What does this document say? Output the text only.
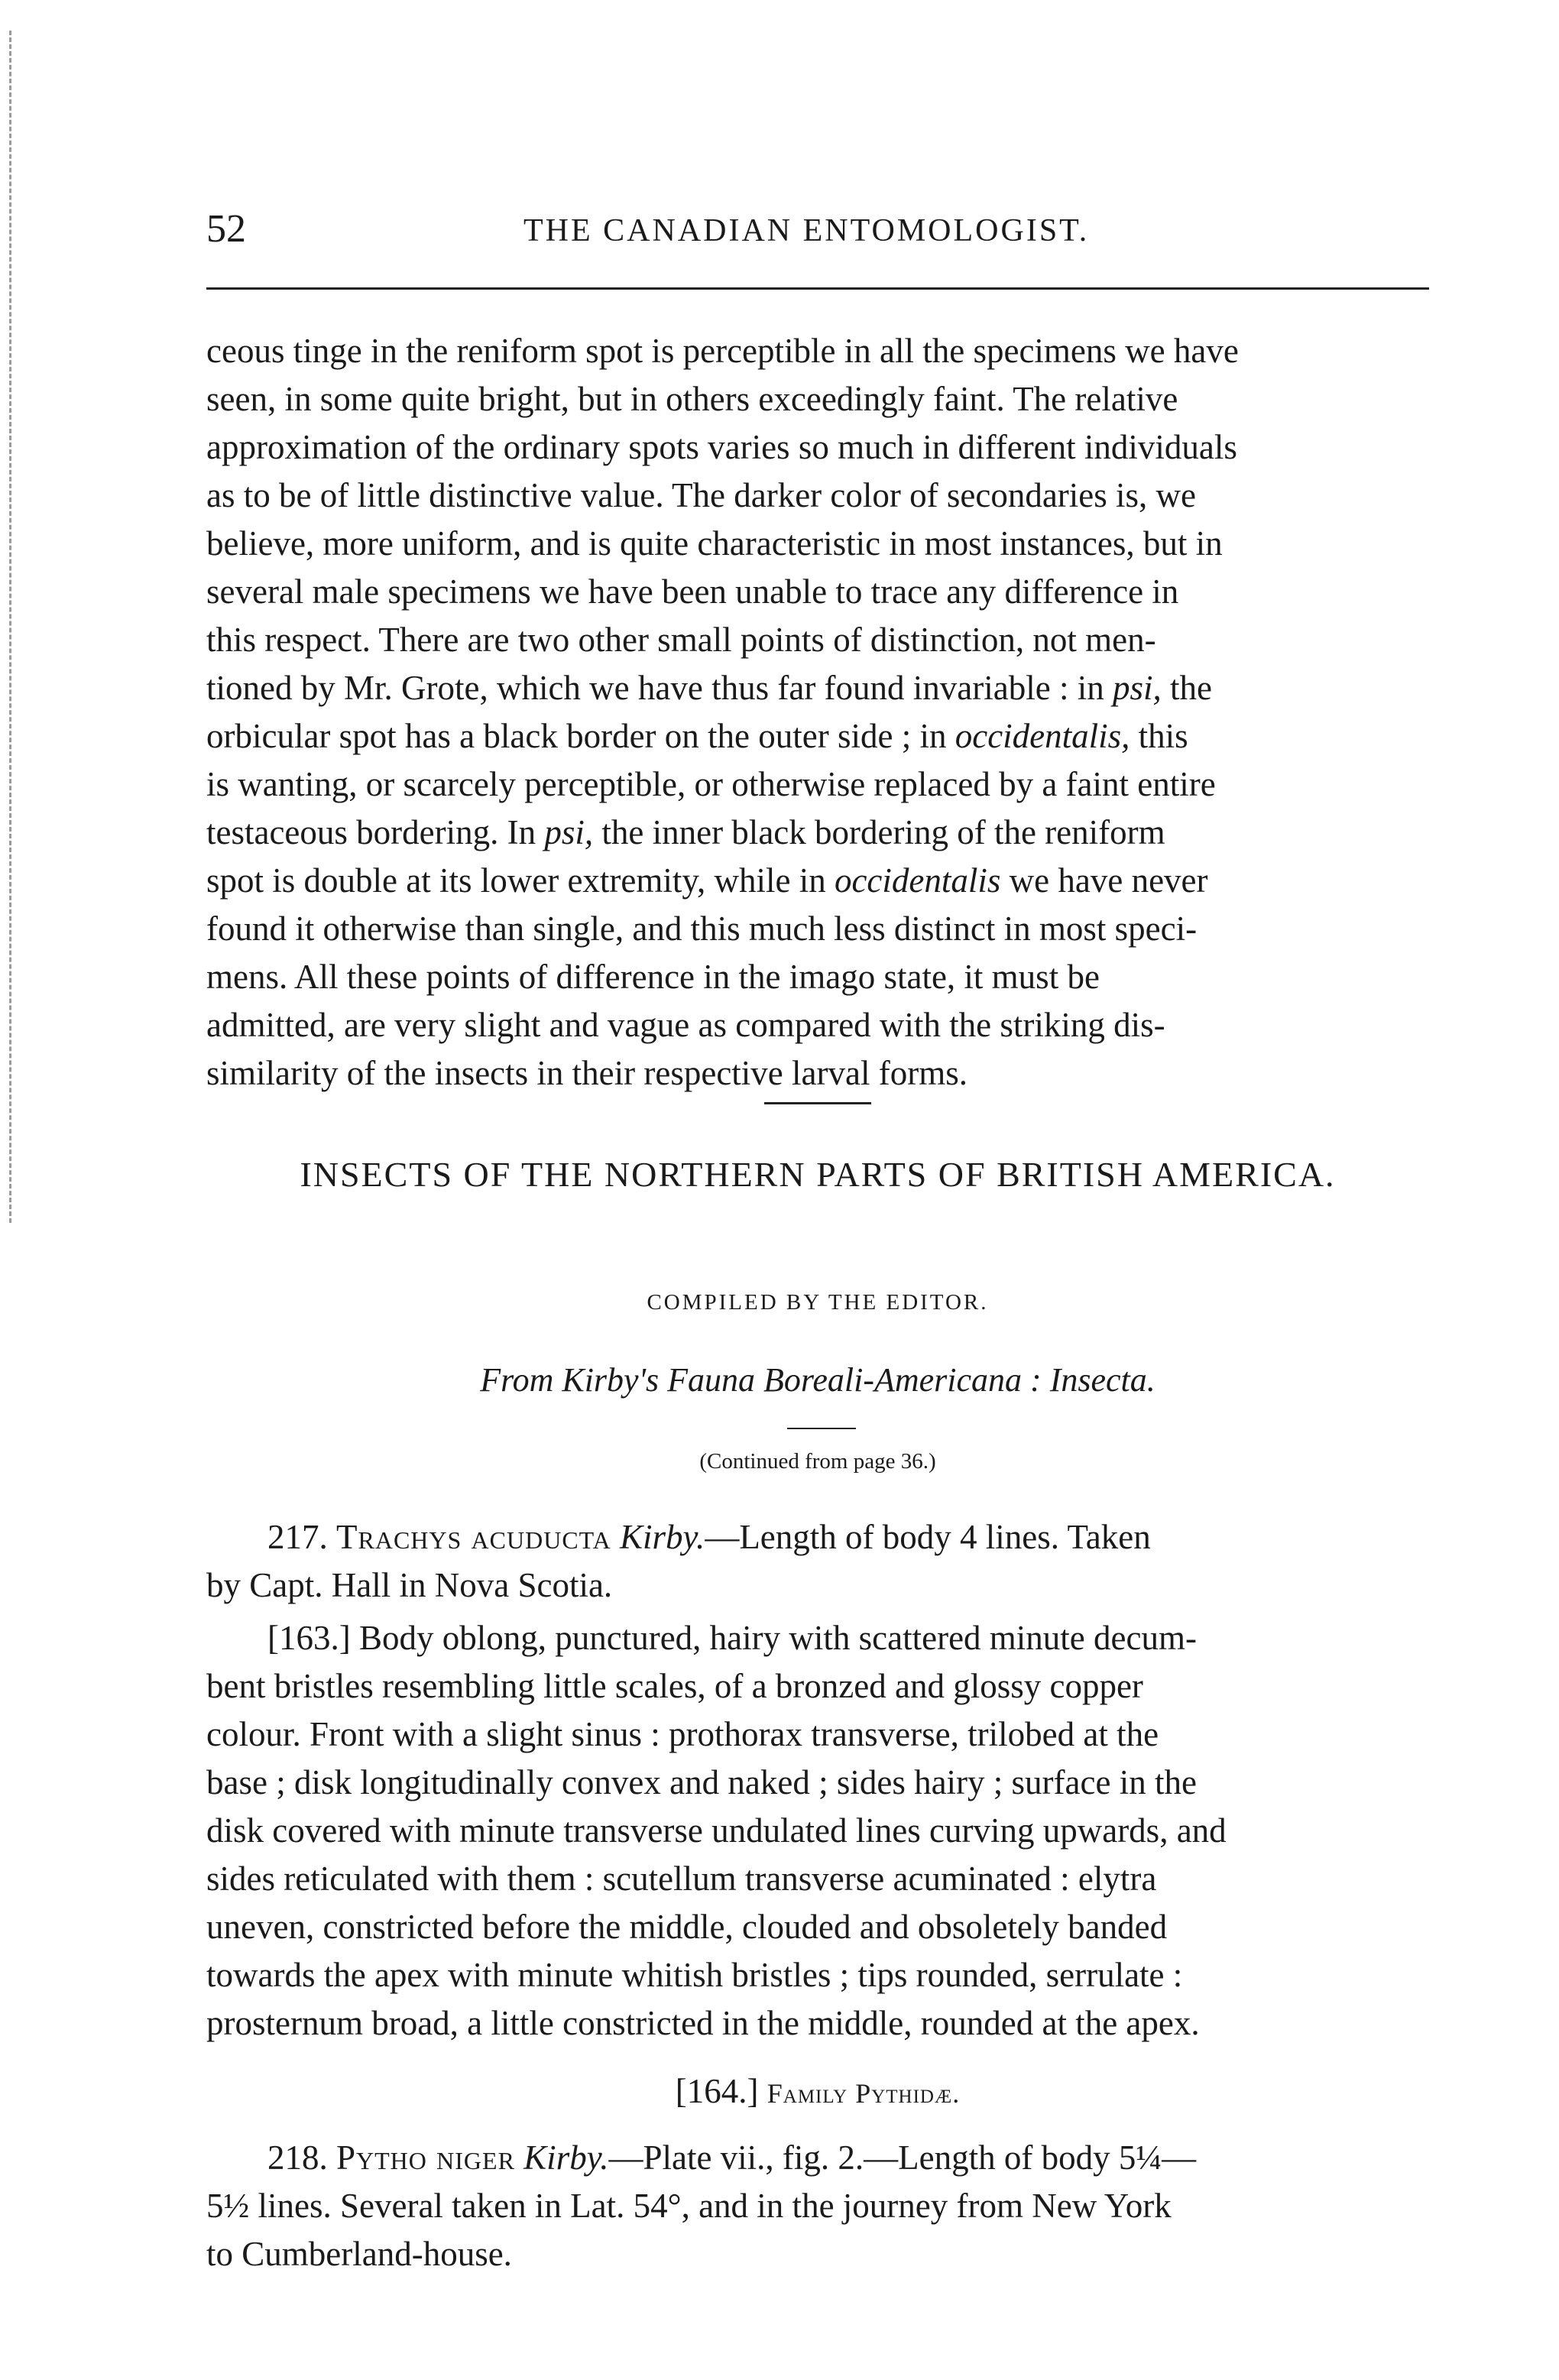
52	THE CANADIAN ENTOMOLOGIST.

ceous tinge in the reniform spot is perceptible in all the specimens we have

seen, in some quite bright, but in others exceedingly faint. The relative

approximation of the ordinary spots varies so much in different individuals

as to be of little distinctive value. The darker color of secondaries is, we

believe, more uniform, and is quite characteristic in most instances, but in

several male specimens we have been unable to trace any difference in

this respect. There are two other small points of distinction, not men-

tioned by Mr. Grote, which we have thus far found invariable : in psi, the

orbicular spot has a black border on the outer side ; in occidentalis, this

is wanting, or scarcely perceptible, or otherwise replaced by a faint entire

testaceous bordering. In psi, the inner black bordering of the reniform

spot is double at its lower extremity, while in occidentalis we have never

found it otherwise than single, and this much less distinct in most speci-

mens. All these points of difference in the imago state, it must be

admitted, are very slight and vague as compared with the striking dis-

similarity of the insects in their respective larval forms.

INSECTS OF THE NORTHERN PARTS OF BRITISH AMERICA.
COMPILED BY THE EDITOR.
From Kirby's Fauna Boreali-Americana : Insecta.
(Continued from page 36.)

217. Trachys acuducta Kirby.—Length of body 4 lines. Taken

by Capt. Hall in Nova Scotia.

[163.] Body oblong, punctured, hairy with scattered minute decum-

bent bristles resembling little scales, of a bronzed and glossy copper

colour. Front with a slight sinus : prothorax transverse, trilobed at the

base ; disk longitudinally convex and naked ; sides hairy ; surface in the

disk covered with minute transverse undulated lines curving upwards, and

sides reticulated with them : scutellum transverse acuminated : elytra

uneven, constricted before the middle, clouded and obsoletely banded

towards the apex with minute whitish bristles ; tips rounded, serrulate :

prosternum broad, a little constricted in the middle, rounded at the apex.

[164.] Family Pythidæ.

218. Pytho niger Kirby.—Plate vii., fig. 2.—Length of body 5¼—

5½ lines. Several taken in Lat. 54°, and in the journey from New York

to Cumberland-house.
